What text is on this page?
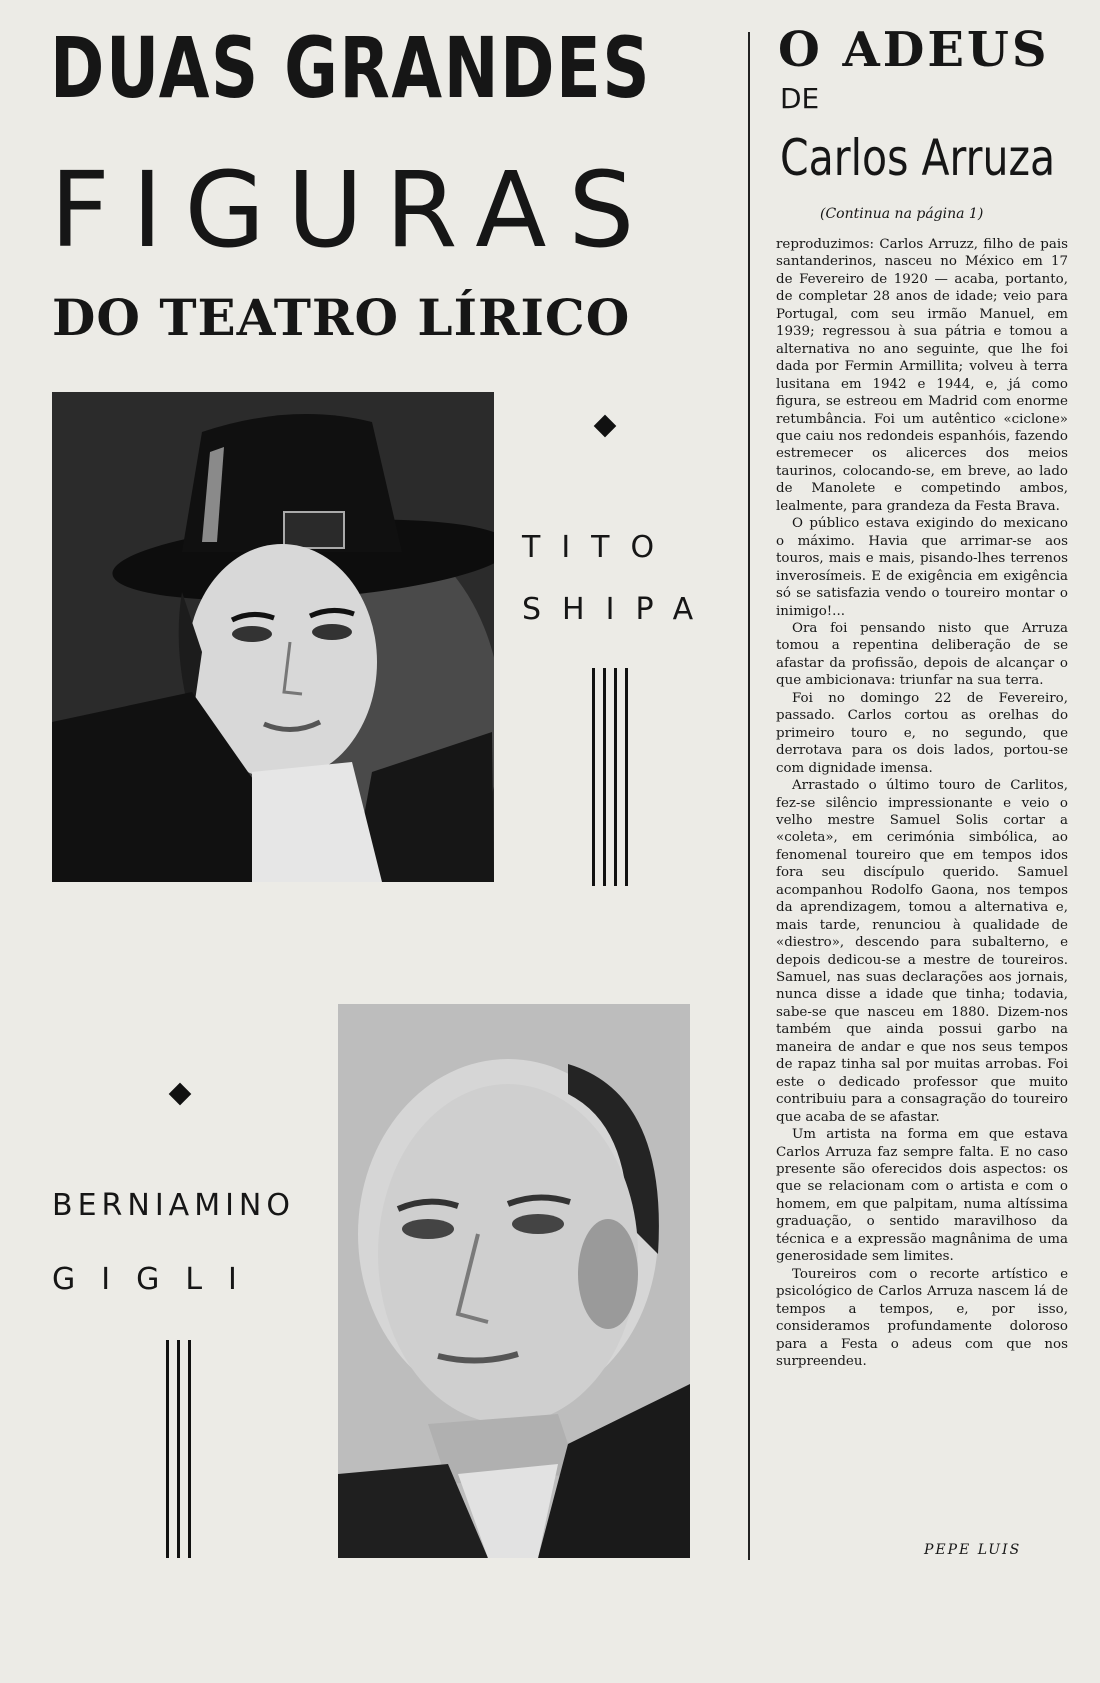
DUAS GRANDES
FIGURAS
DO TEATRO LÍRICO
TITO
SHIPA
BERNIAMINO
GIGLI
O ADEUS
DE
Carlos Arruza
(Continua na página 1)

reproduzimos: Carlos Arruzz, filho de pais santanderinos, nasceu no México em 17 de Fevereiro de 1920 — acaba, portanto, de completar 28 anos de idade; veio para Portugal, com seu irmão Manuel, em 1939; regressou à sua pátria e tomou a alternativa no ano seguinte, que lhe foi dada por Fermin Armillita; volveu à terra lusitana em 1942 e 1944, e, já como figura, se estreou em Madrid com enorme retumbância. Foi um autêntico «ciclone» que caiu nos redondeis espanhóis, fazendo estremecer os alicerces dos meios taurinos, colocando-se, em breve, ao lado de Manolete e competindo ambos, lealmente, para grandeza da Festa Brava.

O público estava exigindo do mexicano o máximo. Havia que arrimar-se aos touros, mais e mais, pisando-lhes terrenos inverosímeis. E de exigência em exigência só se satisfazia vendo o toureiro montar o inimigo!...

Ora foi pensando nisto que Arruza tomou a repentina deliberação de se afastar da profissão, depois de alcançar o que ambicionava: triunfar na sua terra.

Foi no domingo 22 de Fevereiro, passado. Carlos cortou as orelhas do primeiro touro e, no segundo, que derrotava para os dois lados, portou-se com dignidade imensa.

Arrastado o último touro de Carlitos, fez-se silêncio impressionante e veio o velho mestre Samuel Solis cortar a «coleta», em cerimónia simbólica, ao fenomenal toureiro que em tempos idos fora seu discípulo querido. Samuel acompanhou Rodolfo Gaona, nos tempos da aprendizagem, tomou a alternativa e, mais tarde, renunciou à qualidade de «diestro», descendo para subalterno, e depois dedicou-se a mestre de toureiros. Samuel, nas suas declarações aos jornais, nunca disse a idade que tinha; todavia, sabe-se que nasceu em 1880. Dizem-nos também que ainda possui garbo na maneira de andar e que nos seus tempos de rapaz tinha sal por muitas arrobas. Foi este o dedicado professor que muito contribuiu para a consagração do toureiro que acaba de se afastar.

Um artista na forma em que estava Carlos Arruza faz sempre falta. E no caso presente são oferecidos dois aspectos: os que se relacionam com o artista e com o homem, em que palpitam, numa altíssima graduação, o sentido maravilhoso da técnica e a expressão magnânima de uma generosidade sem limites.

Toureiros com o recorte artístico e psicológico de Carlos Arruza nascem lá de tempos a tempos, e, por isso, consideramos profundamente doloroso para a Festa o adeus com que nos surpreendeu.

PEPE LUIS
